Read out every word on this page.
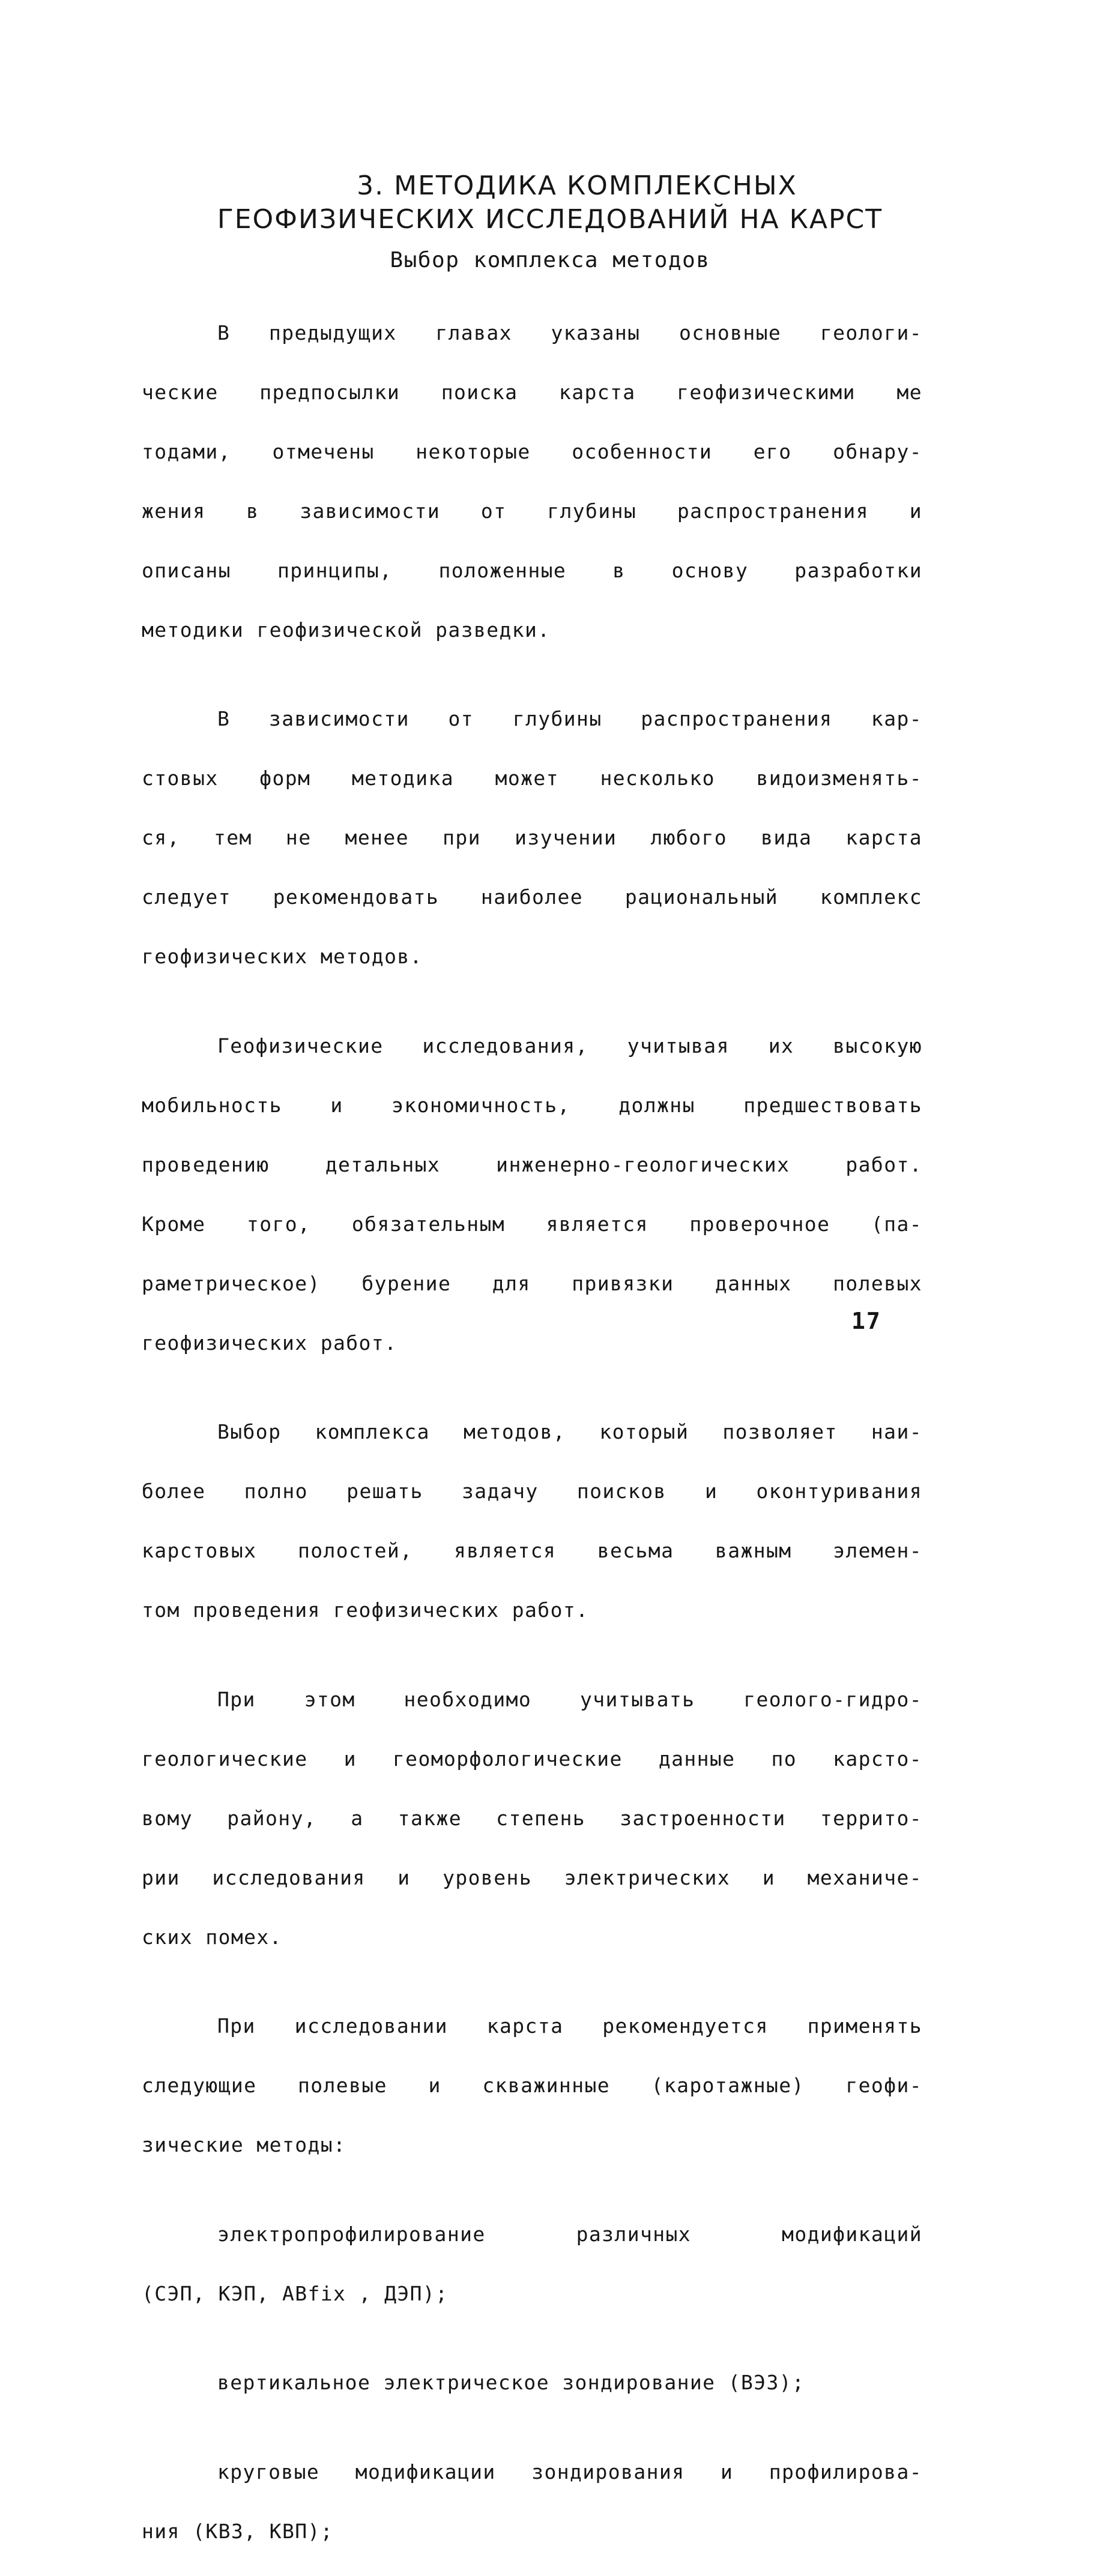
3. МЕТОДИКА КОМПЛЕКСНЫХ
ГЕОФИЗИЧЕСКИХ ИССЛЕДОВАНИЙ НА КАРСТ
Выбор комплекса методов

В предыдущих главах указаны основные геологи-

ческие предпосылки поиска карста геофизическими ме

тодами, отмечены некоторые особенности его обнару-

жения в зависимости от глубины распространения и

описаны принципы, положенные в основу разработки

методики геофизической разведки.

В зависимости от глубины распространения кар-

стовых форм методика может несколько видоизменять-

ся, тем не менее при изучении любого вида карста

следует рекомендовать наиболее рациональный комплекс

геофизических методов.

Геофизические исследования, учитывая их высокую

мобильность и экономичность, должны предшествовать

проведению детальных инженерно-геологических работ.

Кроме того, обязательным является проверочное (па-

раметрическое) бурение для привязки данных полевых

геофизических работ.

Выбор комплекса методов, который позволяет наи-

более полно решать задачу поисков и оконтуривания

карстовых полостей, является весьма важным элемен-

том проведения геофизических работ.

При этом необходимо учитывать геолого-гидро-

геологические и геоморфологические данные по карсто-

вому району, а также степень застроенности террито-

рии исследования и уровень электрических и механиче-

ских помех.

При исследовании карста рекомендуется применять

следующие полевые и скважинные (каротажные) геофи-

зические методы:

электропрофилирование различных модификаций

(СЭП, КЭП, АВfix , ДЭП);

вертикальное электрическое зондирование (ВЭЗ);

круговые модификации зондирования и профилирова-

ния (КВЗ, КВП);

17
